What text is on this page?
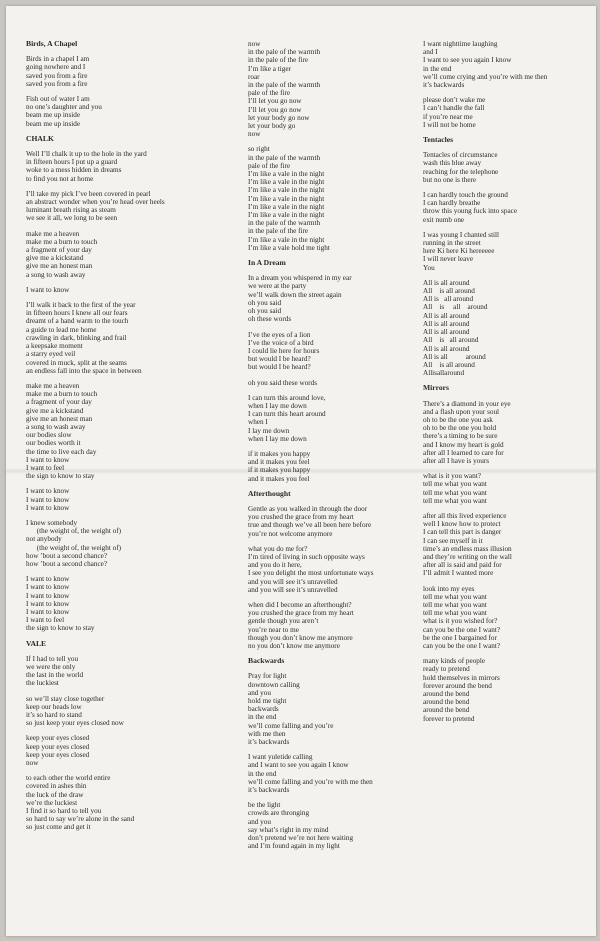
Birds, A Chapel
Birds in a chapel I am
going nowhere and I
saved you from a fire
saved you from a fire
Fish out of water I am
no one’s daughter and you
beam me up inside
beam me up inside
CHALK
Well I’ll chalk it up to the hole in the yard
in fifteen hours I put up a guard
woke to a mess hidden in dreams
to find you not at home
I’ll take my pick I’ve been covered in pearl
an abstract wonder when you’re head over heels
luminant breath rising as steam
we see it all, we long to be seen
make me a heaven
make me a burn to touch
a fragment of your day
give me a kickstand
give me an honest man
a song to wash away
I want to know
I’ll walk it back to the first of the year
in fifteen hours I knew all our fears
dreamt of a hand warm to the touch
a guide to lead me home
crawling in dark, blinking and frail
a keepsake moment
a starry eyed veil
covered in muck, split at the seams
an endless fall into the space in between
make me a heaven
make me a burn to touch
a fragment of your day
give me a kickstand
give me an honest man
a song to wash away
our bodies slow
our bodies worth it
the time to live each day
I want to know
I want to feel
the sign to know to stay
I want to know
I want to know
I want to know
I knew somebody
(the weight of, the weight of)
not anybody
(the weight of, the weight of)
how ’bout a second chance?
how ’bout a second chance?
I want to know
I want to know
I want to know
I want to know
I want to know
I want to feel
the sign to know to stay
VALE
If I had to tell you
we were the only
the last in the world
the luckiest
so we’ll stay close together
keep our heads low
it’s so hard to stand
so just keep your eyes closed now
keep your eyes closed
keep your eyes closed
keep your eyes closed
now
to each other the world entire
covered in ashes thin
the luck of the draw
we’re the luckiest
I find it so hard to tell you
so hard to say we’re alone in the sand
so just come and get it
now
in the pale of the warmth
in the pale of the fire
I’m like a tiger
roar
in the pale of the warmth
pale of the fire
I’ll let you go now
I’ll let you go now
let your body go now
let your body go
now
so right
in the pale of the warmth
pale of the fire
I’m like a vale in the night
I’m like a vale in the night
I’m like a vale in the night
I’m like a vale in the night
I’m like a vale in the night
I’m like a vale in the night
in the pale of the warmth
in the pale of the fire
I’m like a vale in the night
I’m like a vale hold me tight
In A Dream
In a dream you whispered in my ear
we were at the party
we’ll walk down the street again
oh you said
oh you said
oh these words
I’ve the eyes of a lion
I’ve the voice of a bird
I could lie here for hours
but would I be heard?
but would I be heard?
oh you said these words
I can turn this around love,
when I lay me down
I can turn this heart around
when I
I lay me down
when I lay me down
if it makes you happy
and it makes you feel
if it makes you happy
and it makes you feel
Afterthought
Gentle as you walked in through the door
you crushed the grace from my heart
true and though we’ve all been here before
you’re not welcome anymore
what you do me for?
I’m tired of living in such opposite ways
and you do it here,
I see you delight the most unfortunate ways
and you will see it’s unravelled
and you will see it’s unravelled
when did I become an afterthought?
you crushed the grace from my heart
gentle though you aren’t
you’re near to me
though you don’t know me anymore
no you don’t know me anymore
Backwards
Pray for light
downtown calling
and you
hold me tight
backwards
in the end
we’ll come falling and you’re
with me then
it’s backwards
I want yuletide calling
and I want to see you again I know
in the end
we’ll come falling and you’re with me then
it’s backwards
be the light
crowds are thronging
and you
say what’s right in my mind
don’t pretend we’re not here waiting
and I’m found again in my light
I want nighttime laughing
and I
I want to see you again I know
in the end
we’ll come crying and you’re with me then
it’s backwards
please don’t wake me
I can’t handle the fall
if you’re near me
I will not be home
Tentacles
Tentacles of circumstance
wash this blue away
reaching for the telephone
but no one is there
I can hardly touch the ground
I can hardly breathe
throw this young fuck into space
exit numb one
I was young I chanted still
running in the street
here Ki here Ki hereeeee
I will never leave
You
All is all around
All    is all around
All is   all around
All    is     all    around
All is all around
All is all around
All is all around
All    is   all around
All is all around
All is all          around
All    is all around
Allisallaround
Mirrors
There’s a diamond in your eye
and a flash upon your soul
oh to be the one you ask
oh to be the one you hold
there’s a timing to be sure
and I know my heart is gold
after all I learned to care for
after all I have is yours
what is it you want?
tell me what you want
tell me what you want
tell me what you want
after all this lived experience
well I know how to protect
I can tell this part is danger
I can see myself in it
time’s an endless mass illusion
and they’re writing on the wall
after all is said and paid for
I’ll admit I wanted more
look into my eyes
tell me what you want
tell me what you want
tell me what you want
what is it you wished for?
can you be the one I want?
be the one I bargained for
can you be the one I want?
many kinds of people
ready to pretend
hold themselves in mirrors
forever around the bend
around the bend
around the bend
around the bend
forever to pretend
